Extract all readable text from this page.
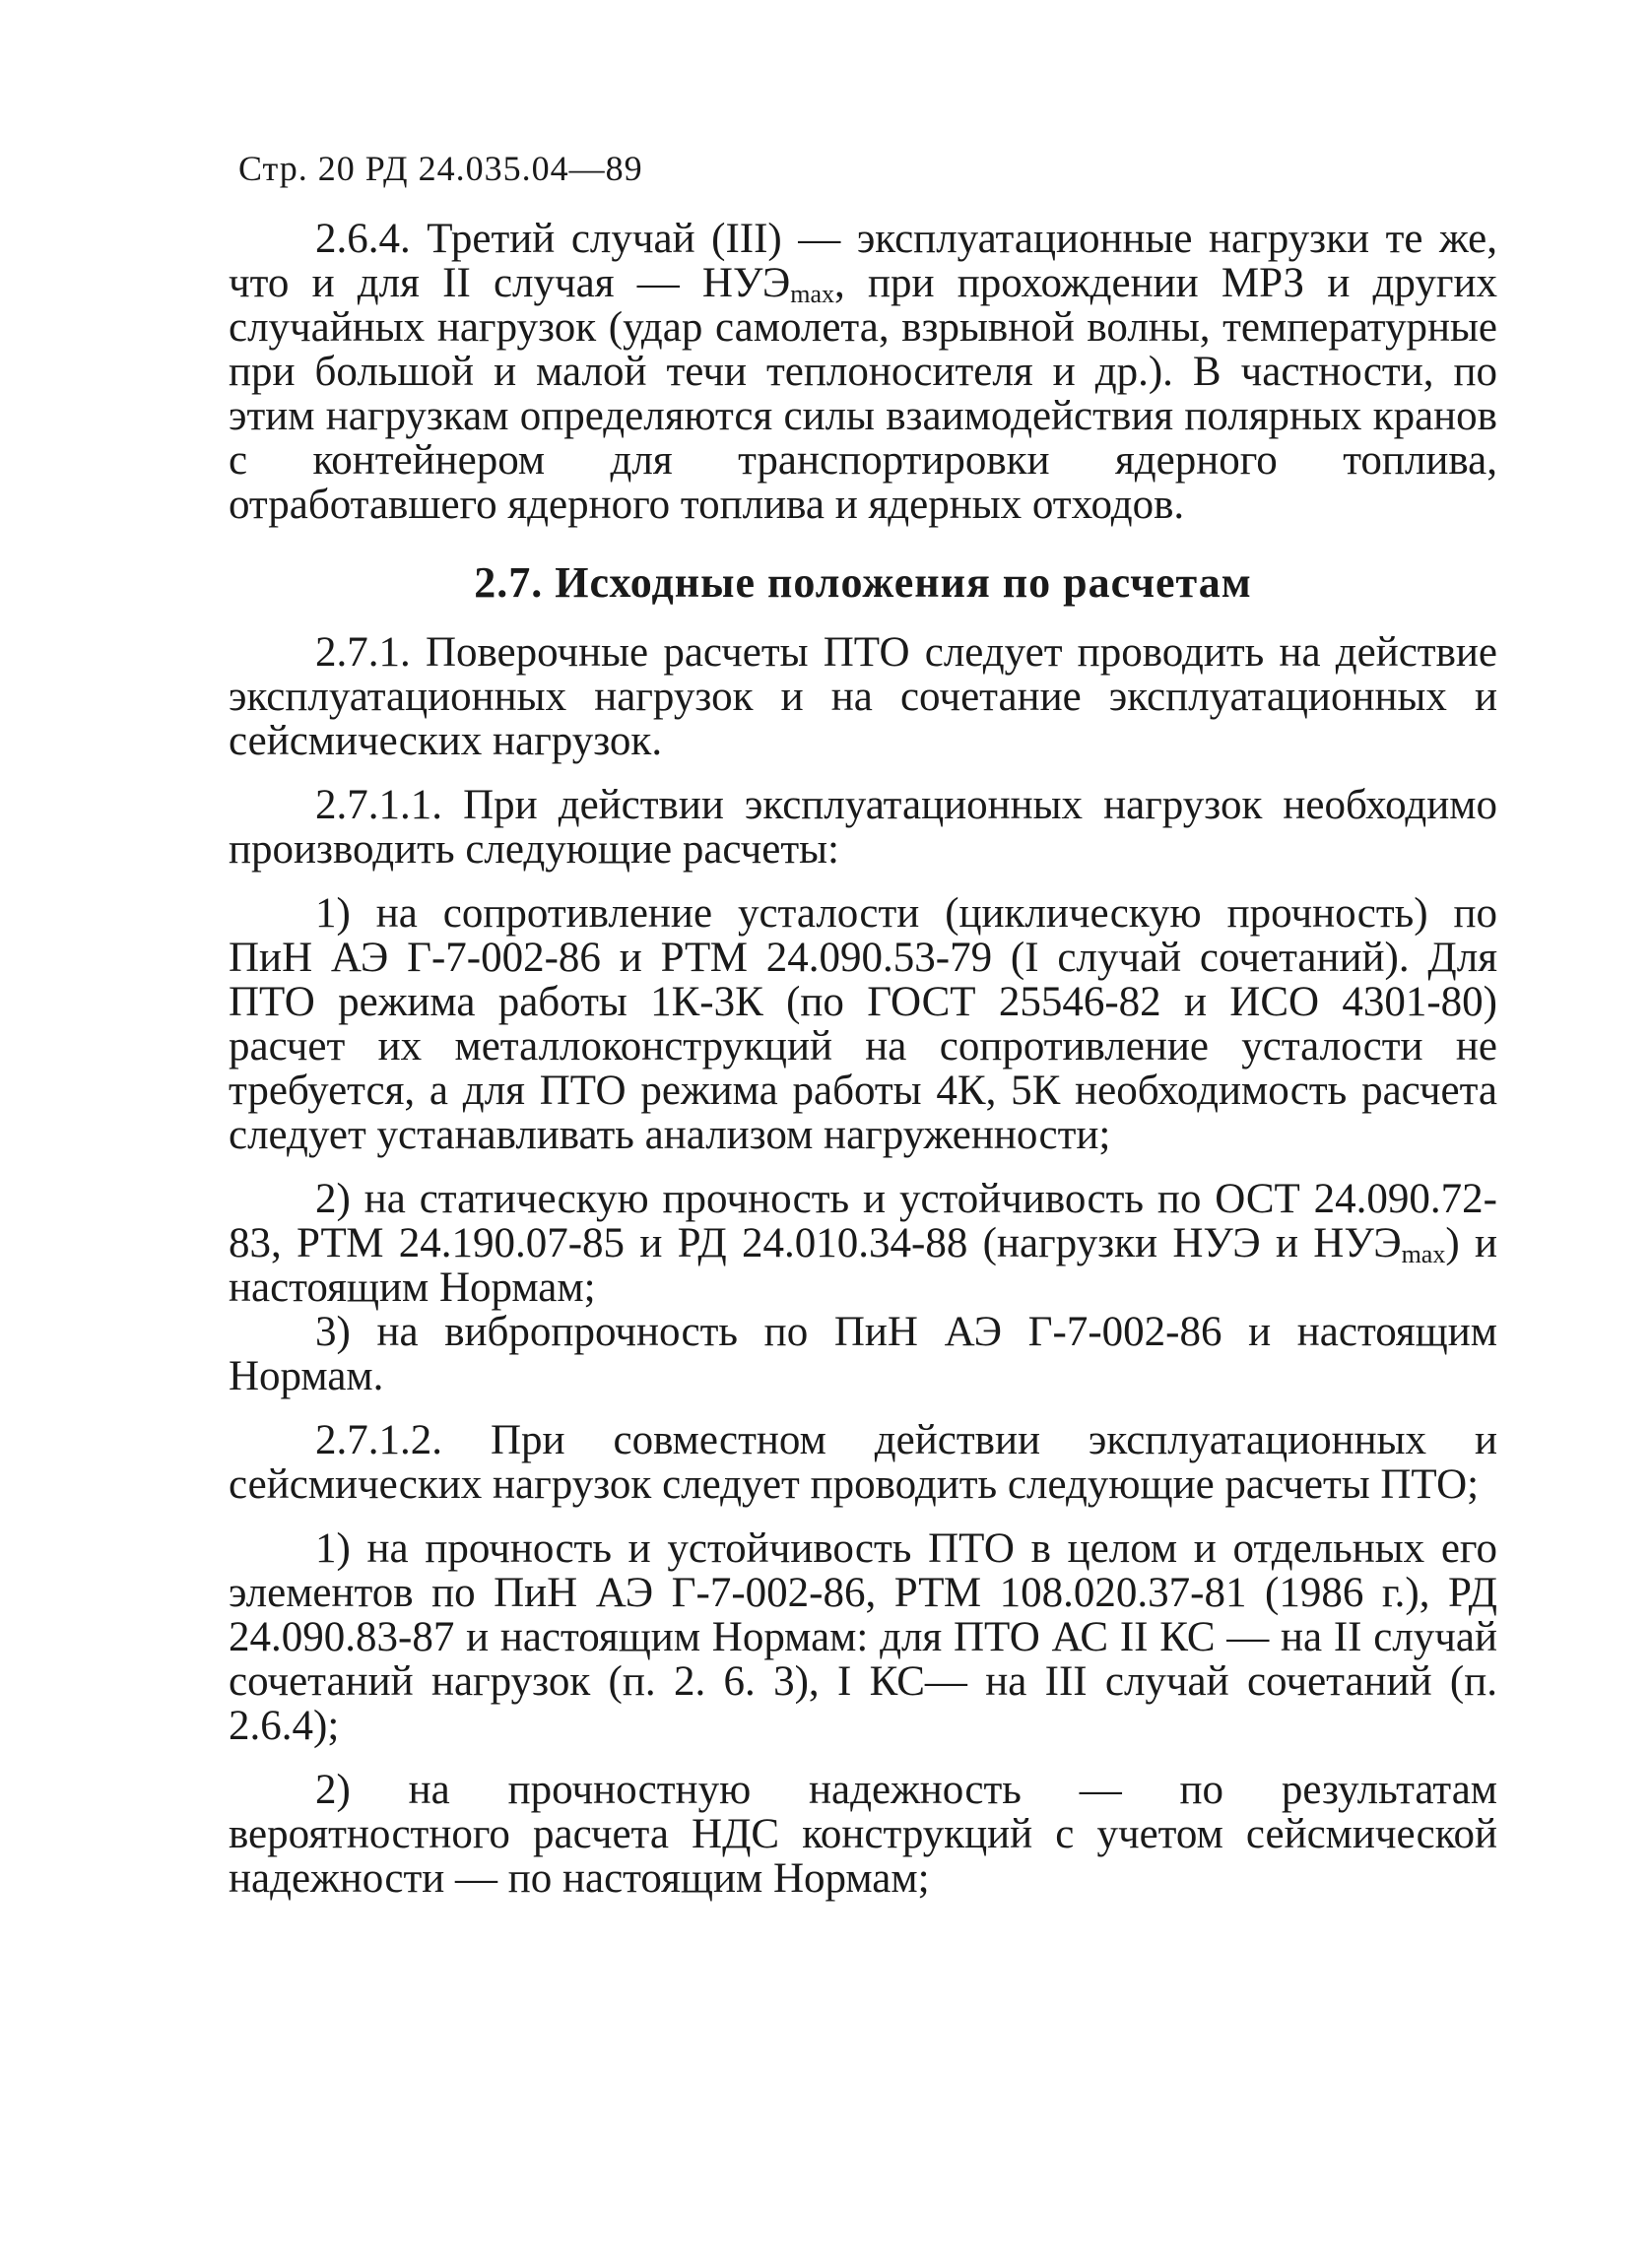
Стр. 20 РД 24.035.04—89

2.6.4. Третий случай (III) — эксплуатационные нагрузки те же, что и для II случая — $НУЭ_{max}$, при прохождении МРЗ и других случайных нагрузок (удар самолета, взрывной волны, температурные при большой и малой течи теплоносителя и др.). В частности, по этим нагрузкам определяются силы взаимодействия полярных кранов с контейнером для транспортировки ядерного топлива, отработавшего ядерного топлива и ядерных отходов.

2.7. Исходные положения по расчетам

2.7.1. Поверочные расчеты ПТО следует проводить на действие эксплуатационных нагрузок и на сочетание эксплуатационных и сейсмических нагрузок.

2.7.1.1. При действии эксплуатационных нагрузок необходимо производить следующие расчеты:

1) на сопротивление усталости (циклическую прочность) по ПиН АЭ Г-7-002-86 и РТМ 24.090.53-79 (I случай сочетаний). Для ПТО режима работы 1К-3К (по ГОСТ 25546-82 и ИСО 4301-80) расчет их металлоконструкций на сопротивление усталости не требуется, а для ПТО режима работы 4К, 5К необходимость расчета следует устанавливать анализом нагруженности;

2) на статическую прочность и устойчивость по ОСТ 24.090.72-83, РТМ 24.190.07-85 и РД 24.010.34-88 (нагрузки НУЭ и $НУЭ_{max}$) и настоящим Нормам;

3) на вибропрочность по ПиН АЭ Г-7-002-86 и настоящим Нормам.

2.7.1.2. При совместном действии эксплуатационных и сейсмических нагрузок следует проводить следующие расчеты ПТО;

1) на прочность и устойчивость ПТО в целом и отдельных его элементов по ПиН АЭ Г-7-002-86, РТМ 108.020.37-81 (1986 г.), РД 24.090.83-87 и настоящим Нормам: для ПТО АС II КС — на II случай сочетаний нагрузок (п. 2. 6. 3), I КС— на III случай сочетаний (п. 2.6.4);

2) на прочностную надежность — по результатам вероятностного расчета НДС конструкций с учетом сейсмической надежности — по настоящим Нормам;
